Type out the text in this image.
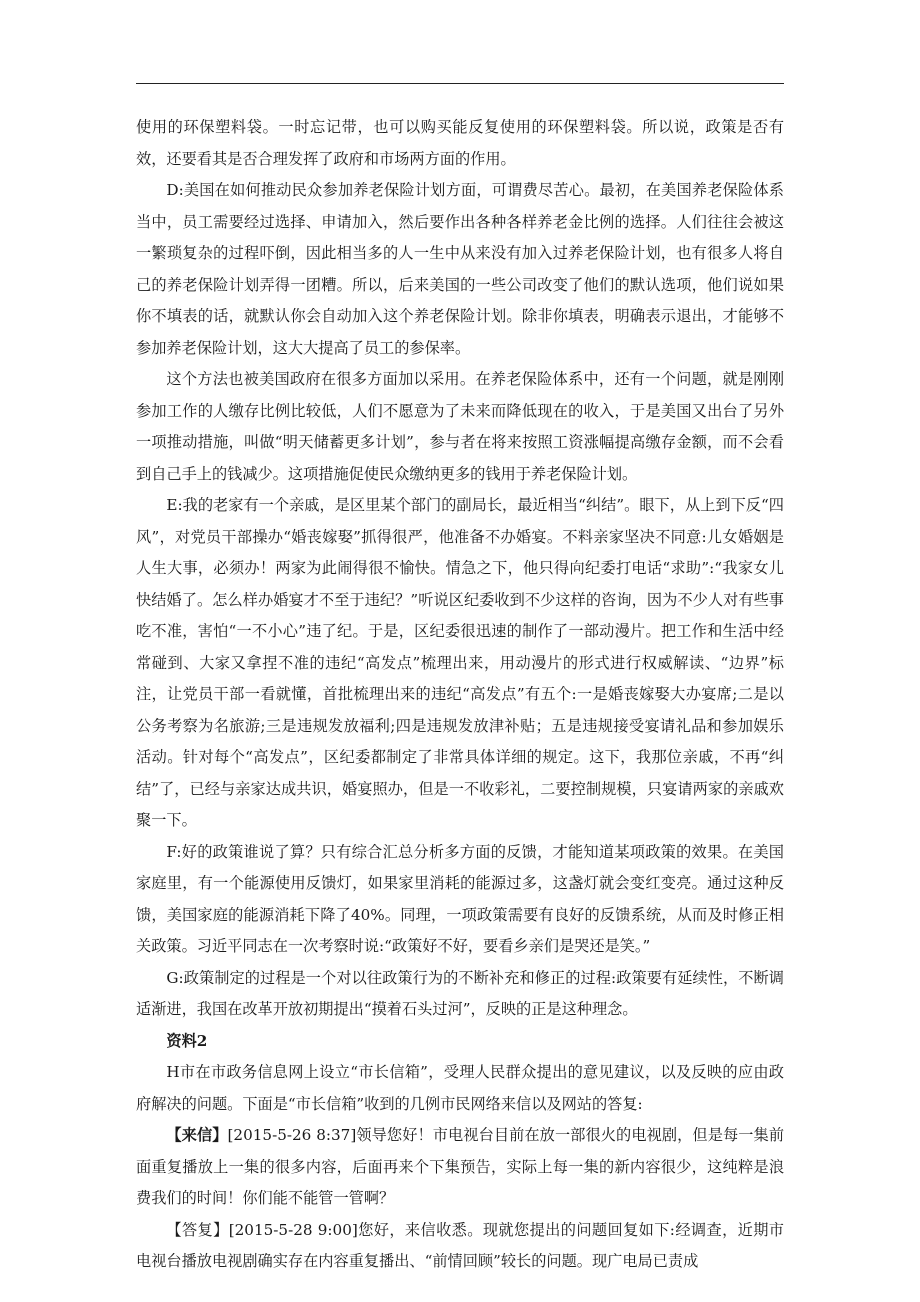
使用的环保塑料袋。一时忘记带，也可以购买能反复使用的环保塑料袋。所以说，政策是否有效，还要看其是否合理发挥了政府和市场两方面的作用。

D:美国在如何推动民众参加养老保险计划方面，可谓费尽苦心。最初，在美国养老保险体系当中，员工需要经过选择、申请加入，然后要作出各种各样养老金比例的选择。人们往往会被这一繁琐复杂的过程吓倒，因此相当多的人一生中从来没有加入过养老保险计划，也有很多人将自己的养老保险计划弄得一团糟。所以，后来美国的一些公司改变了他们的默认选项，他们说如果你不填表的话，就默认你会自动加入这个养老保险计划。除非你填表，明确表示退出，才能够不参加养老保险计划，这大大提高了员工的参保率。

这个方法也被美国政府在很多方面加以采用。在养老保险体系中，还有一个问题，就是刚刚参加工作的人缴存比例比较低，人们不愿意为了未来而降低现在的收入，于是美国又出台了另外一项推动措施，叫做“明天储蓄更多计划”，参与者在将来按照工资涨幅提高缴存金额，而不会看到自己手上的钱减少。这项措施促使民众缴纳更多的钱用于养老保险计划。

E:我的老家有一个亲戚，是区里某个部门的副局长，最近相当“纠结”。眼下，从上到下反“四风”，对党员干部操办“婚丧嫁娶”抓得很严，他准备不办婚宴。不料亲家坚决不同意:儿女婚姻是人生大事，必须办！两家为此闹得很不愉快。情急之下，他只得向纪委打电话“求助”:“我家女儿快结婚了。怎么样办婚宴才不至于违纪？”听说区纪委收到不少这样的咨询，因为不少人对有些事吃不准，害怕“一不小心”违了纪。于是，区纪委很迅速的制作了一部动漫片。把工作和生活中经常碰到、大家又拿捏不准的违纪“高发点”梳理出来，用动漫片的形式进行权威解读、“边界”标注，让党员干部一看就懂，首批梳理出来的违纪“高发点”有五个:一是婚丧嫁娶大办宴席;二是以公务考察为名旅游;三是违规发放福利;四是违规发放津补贴；五是违规接受宴请礼品和参加娱乐活动。针对每个“高发点”，区纪委都制定了非常具体详细的规定。这下，我那位亲戚，不再“纠结”了，已经与亲家达成共识，婚宴照办，但是一不收彩礼，二要控制规模，只宴请两家的亲戚欢聚一下。

F:好的政策谁说了算？只有综合汇总分析多方面的反馈，才能知道某项政策的效果。在美国家庭里，有一个能源使用反馈灯，如果家里消耗的能源过多，这盏灯就会变红变亮。通过这种反馈，美国家庭的能源消耗下降了40%。同理，一项政策需要有良好的反馈系统，从而及时修正相关政策。习近平同志在一次考察时说:“政策好不好，要看乡亲们是哭还是笑。”

G:政策制定的过程是一个对以往政策行为的不断补充和修正的过程:政策要有延续性，不断调适渐进，我国在改革开放初期提出“摸着石头过河”，反映的正是这种理念。

资料2

H市在市政务信息网上设立“市长信箱”，受理人民群众提出的意见建议，以及反映的应由政府解决的问题。下面是“市长信箱”收到的几例市民网络来信以及网站的答复:

【来信】[2015-5-26 8:37]领导您好！市电视台目前在放一部很火的电视剧，但是每一集前面重复播放上一集的很多内容，后面再来个下集预告，实际上每一集的新内容很少，这纯粹是浪费我们的时间！你们能不能管一管啊？

【答复】[2015-5-28 9:00]您好，来信收悉。现就您提出的问题回复如下:经调查，近期市电视台播放电视剧确实存在内容重复播出、“前情回顾”较长的问题。现广电局已责成
